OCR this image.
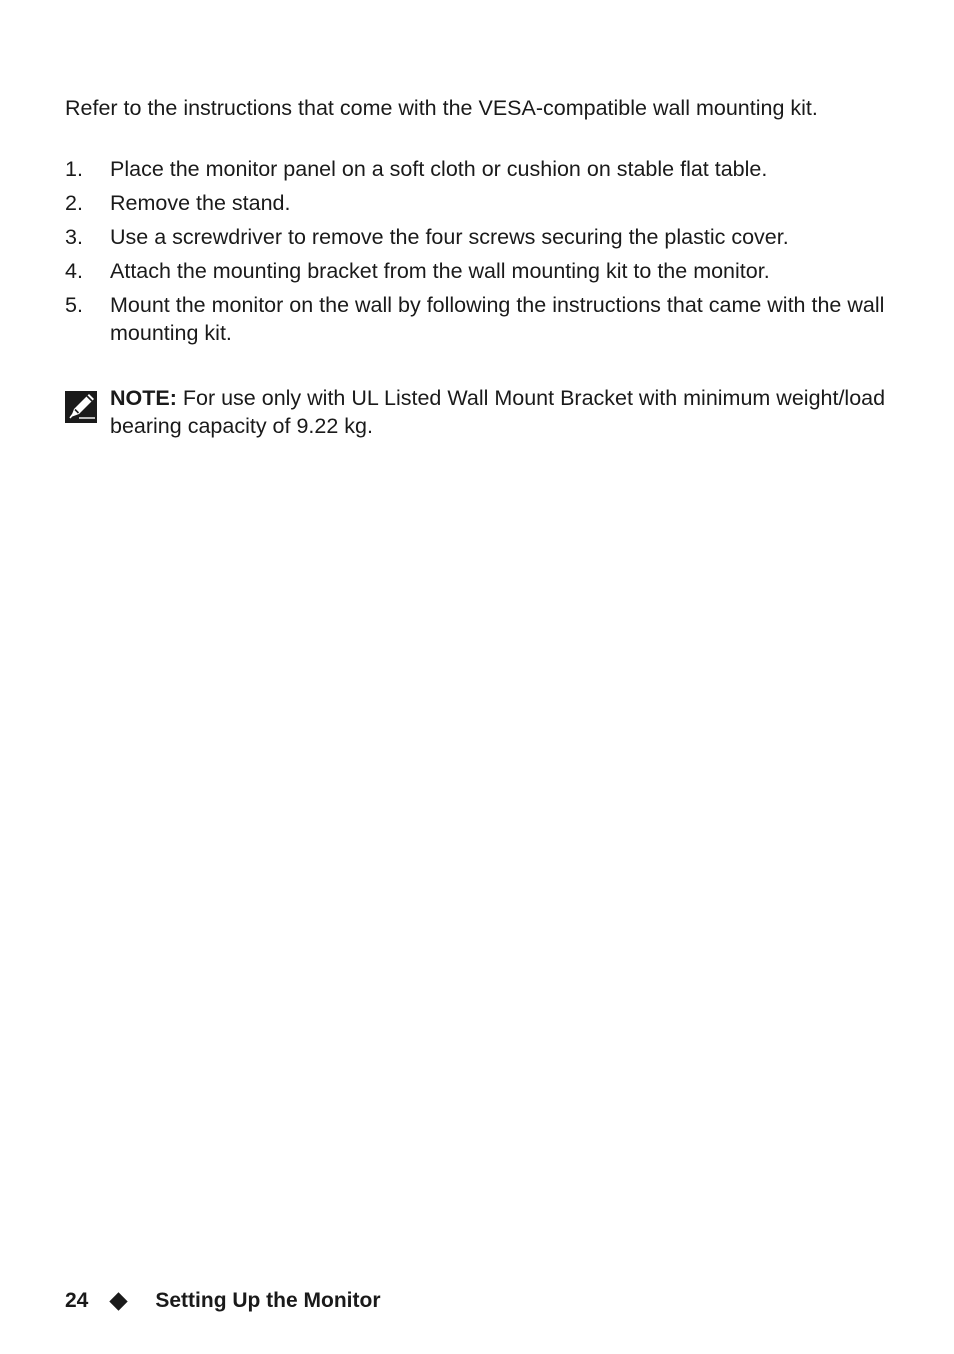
Refer to the instructions that come with the VESA-compatible wall mounting kit.

1.	Place the monitor panel on a soft cloth or cushion on stable flat table.
2.	Remove the stand.
3.	Use a screwdriver to remove the four screws securing the plastic cover.
4.	Attach the mounting bracket from the wall mounting kit to the monitor.
5.	Mount the monitor on the wall by following the instructions that came with the wall mounting kit.
NOTE: For use only with UL Listed Wall Mount Bracket with minimum weight/load bearing capacity of 9.22 kg.
24	Setting Up the Monitor
